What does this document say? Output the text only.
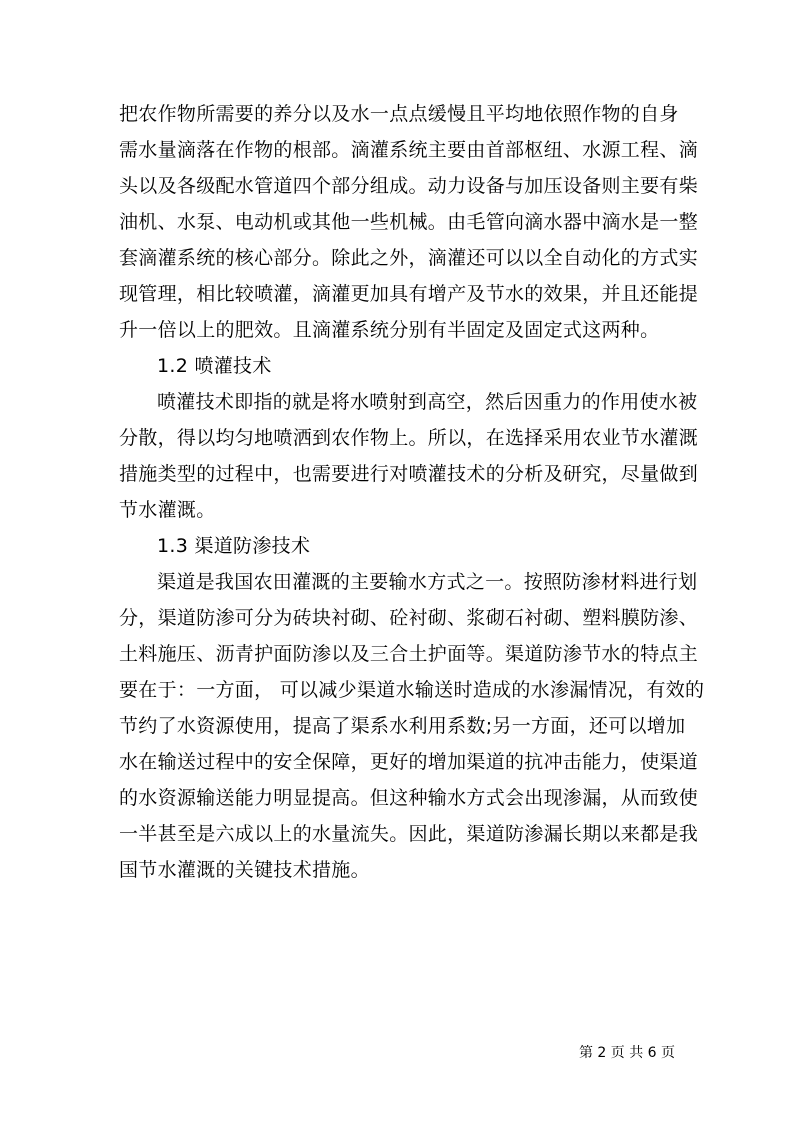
把农作物所需要的养分以及水一点点缓慢且平均地依照作物的自身
需水量滴落在作物的根部。滴灌系统主要由首部枢纽、水源工程、滴
头以及各级配水管道四个部分组成。动力设备与加压设备则主要有柴
油机、水泵、电动机或其他一些机械。由毛管向滴水器中滴水是一整
套滴灌系统的核心部分。除此之外，滴灌还可以以全自动化的方式实
现管理，相比较喷灌，滴灌更加具有增产及节水的效果，并且还能提
升一倍以上的肥效。且滴灌系统分别有半固定及固定式这两种。
1.2 喷灌技术
喷灌技术即指的就是将水喷射到高空，然后因重力的作用使水被
分散，得以均匀地喷洒到农作物上。所以，在选择采用农业节水灌溉
措施类型的过程中，也需要进行对喷灌技术的分析及研究，尽量做到
节水灌溉。
1.3 渠道防渗技术
渠道是我国农田灌溉的主要输水方式之一。按照防渗材料进行划
分，渠道防渗可分为砖块衬砌、砼衬砌、浆砌石衬砌、塑料膜防渗、
土料施压、沥青护面防渗以及三合土护面等。渠道防渗节水的特点主
要在于：一方面， 可以减少渠道水输送时造成的水渗漏情况，有效的
节约了水资源使用，提高了渠系水利用系数;另一方面，还可以增加
水在输送过程中的安全保障，更好的增加渠道的抗冲击能力，使渠道
的水资源输送能力明显提高。但这种输水方式会出现渗漏，从而致使
一半甚至是六成以上的水量流失。因此，渠道防渗漏长期以来都是我
国节水灌溉的关键技术措施。
第 2 页 共 6 页
